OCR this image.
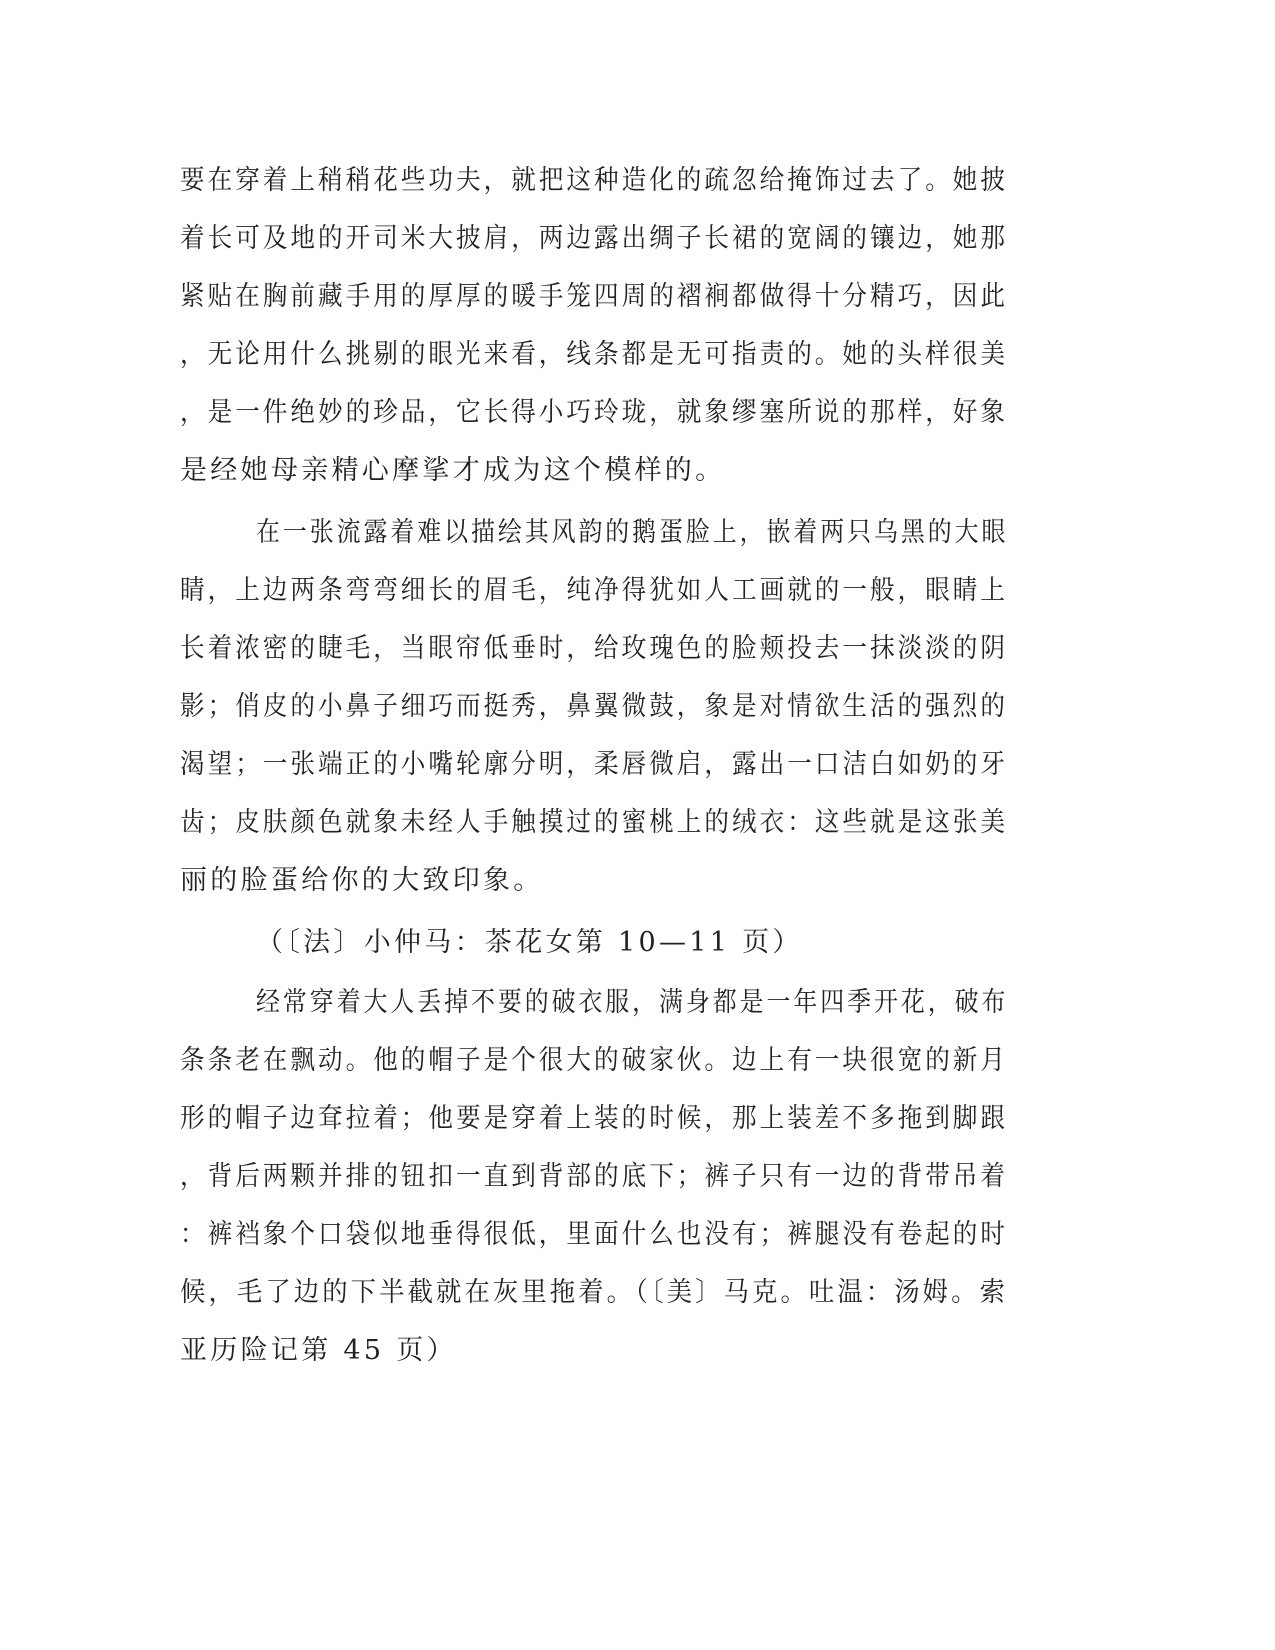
要在穿着上稍稍花些功夫，就把这种造化的疏忽给掩饰过去了。她披

着长可及地的开司米大披肩，两边露出绸子长裙的宽阔的镶边，她那

紧贴在胸前藏手用的厚厚的暖手笼四周的褶裥都做得十分精巧，因此

，无论用什么挑剔的眼光来看，线条都是无可指责的。她的头样很美

，是一件绝妙的珍品，它长得小巧玲珑，就象缪塞所说的那样，好象

是经她母亲精心摩挲才成为这个模样的。

在一张流露着难以描绘其风韵的鹅蛋脸上，嵌着两只乌黑的大眼

睛，上边两条弯弯细长的眉毛，纯净得犹如人工画就的一般，眼睛上

长着浓密的睫毛，当眼帘低垂时，给玫瑰色的脸颊投去一抹淡淡的阴

影；俏皮的小鼻子细巧而挺秀，鼻翼微鼓，象是对情欲生活的强烈的

渴望；一张端正的小嘴轮廓分明，柔唇微启，露出一口洁白如奶的牙

齿；皮肤颜色就象未经人手触摸过的蜜桃上的绒衣：这些就是这张美

丽的脸蛋给你的大致印象。

（〔法〕小仲马：茶花女第 10—11 页）

经常穿着大人丢掉不要的破衣服，满身都是一年四季开花，破布

条条老在飘动。他的帽子是个很大的破家伙。边上有一块很宽的新月

形的帽子边耷拉着；他要是穿着上装的时候，那上装差不多拖到脚跟

，背后两颗并排的钮扣一直到背部的底下；裤子只有一边的背带吊着

：裤裆象个口袋似地垂得很低，里面什么也没有；裤腿没有卷起的时

候，毛了边的下半截就在灰里拖着。（〔美〕马克。吐温：汤姆。索

亚历险记第 45 页）
